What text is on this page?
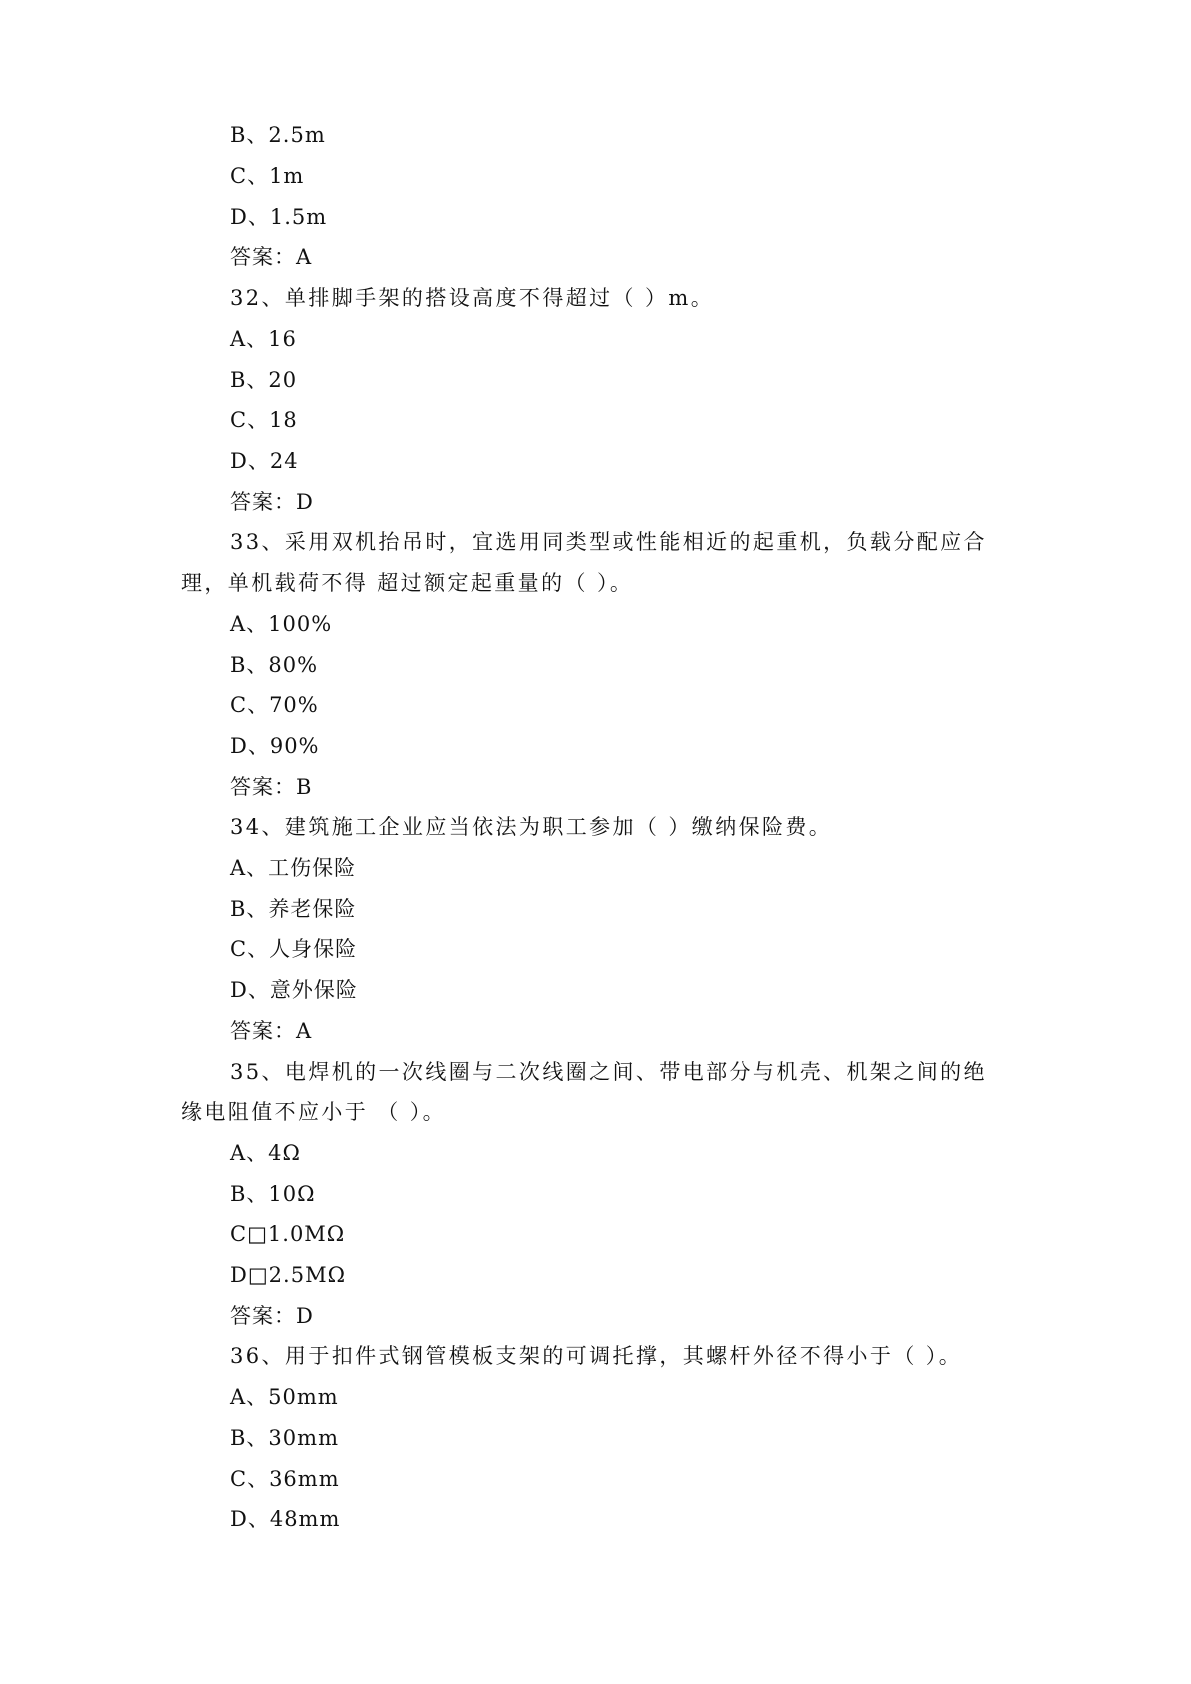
B、2.5m
C、1m
D、1.5m
答案：A
32、单排脚手架的搭设高度不得超过（ ）m。
A、16
B、20
C、18
D、24
答案：D
33、采用双机抬吊时，宜选用同类型或性能相近的起重机，负载分配应合
理，单机载荷不得 超过额定起重量的（ ）。
A、100%
B、80%
C、70%
D、90%
答案：B
34、建筑施工企业应当依法为职工参加（ ）缴纳保险费。
A、工伤保险
B、养老保险
C、人身保险
D、意外保险
答案：A
35、电焊机的一次线圈与二次线圈之间、带电部分与机壳、机架之间的绝
缘电阻值不应小于 （ ）。
A、4Ω
B、10Ω
C□1.0MΩ
D□2.5MΩ
答案：D
36、用于扣件式钢管模板支架的可调托撑，其螺杆外径不得小于（ ）。
A、50mm
B、30mm
C、36mm
D、48mm
